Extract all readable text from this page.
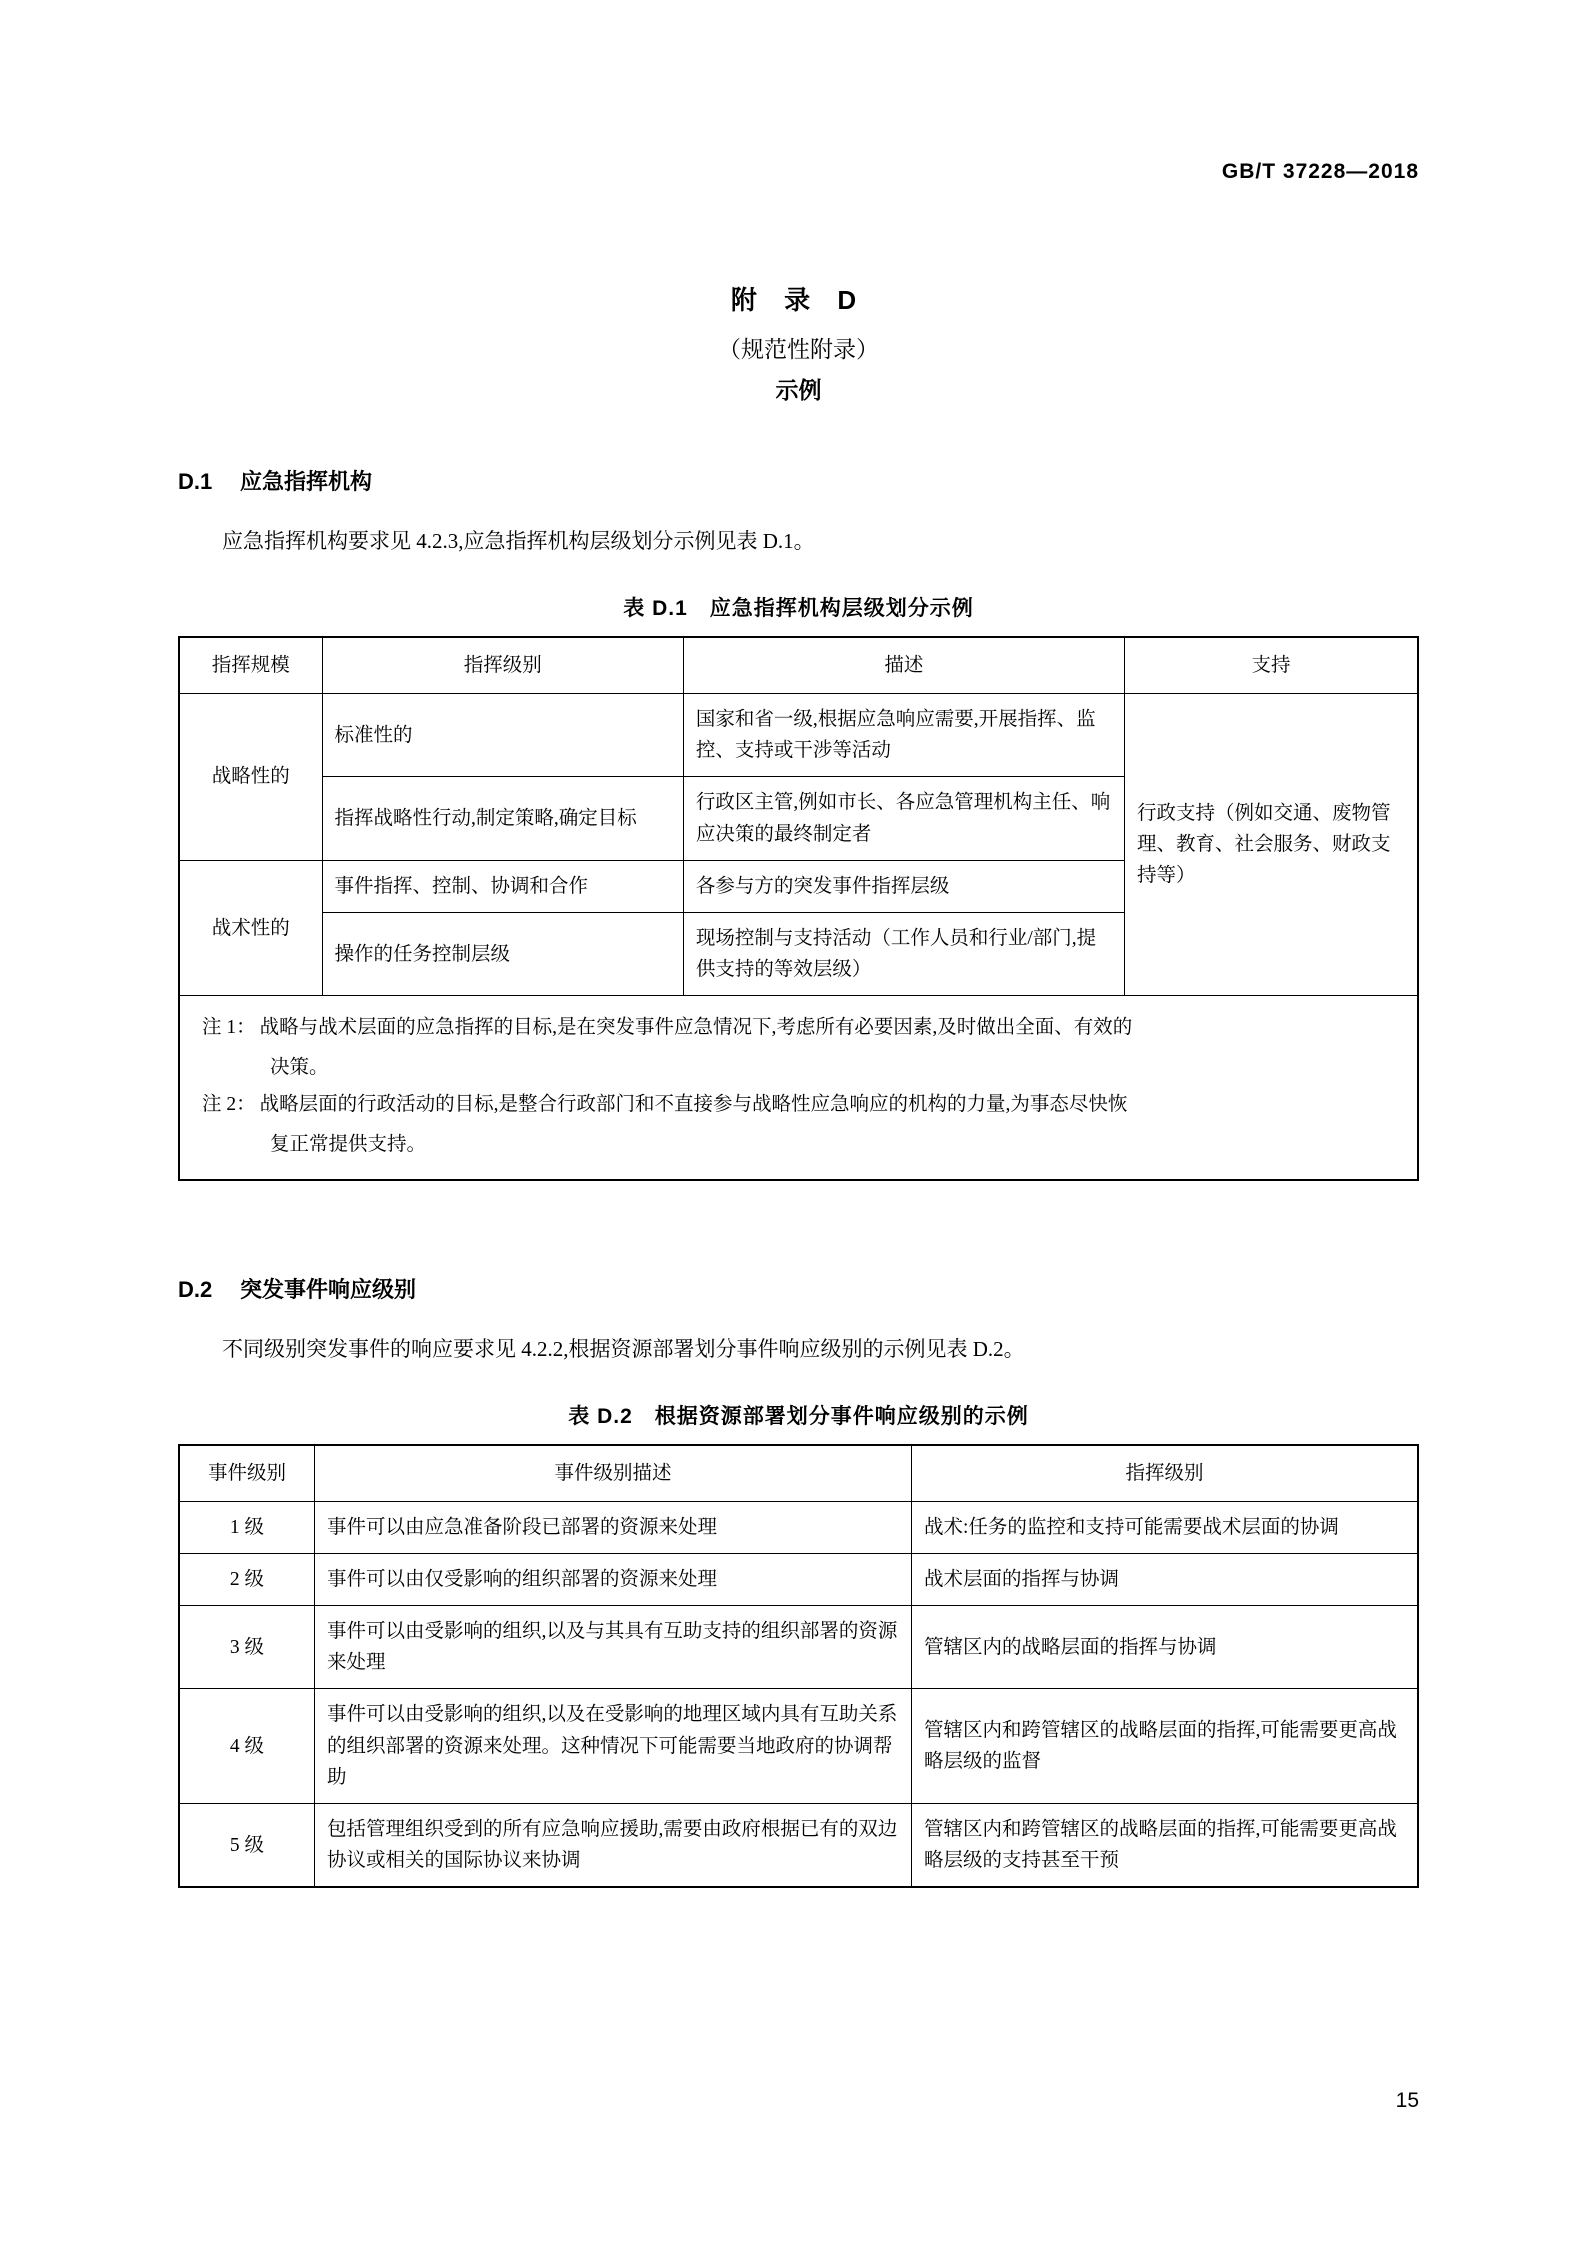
GB/T 37228—2018
附 录 D
（规范性附录）
示例
D.1 应急指挥机构
应急指挥机构要求见 4.2.3,应急指挥机构层级划分示例见表 D.1。
表 D.1　应急指挥机构层级划分示例
指挥规模	指挥级别	描述	支持
战略性的	标准性的	国家和省一级,根据应急响应需要,开展指挥、监控、支持或干涉等活动	行政支持（例如交通、废物管理、教育、社会服务、财政支持等）
	指挥战略性行动,制定策略,确定目标	行政区主管,例如市长、各应急管理机构主任、响应决策的最终制定者	
战术性的	事件指挥、控制、协调和合作	各参与方的突发事件指挥层级	
	操作的任务控制层级	现场控制与支持活动（工作人员和行业/部门,提供支持的等效层级）	

注 1： 战略与战术层面的应急指挥的目标,是在突发事件应急情况下,考虑所有必要因素,及时做出全面、有效的
决策。
注 2： 战略层面的行政活动的目标,是整合行政部门和不直接参与战略性应急响应的机构的力量,为事态尽快恢
复正常提供支持。
D.2 突发事件响应级别
不同级别突发事件的响应要求见 4.2.2,根据资源部署划分事件响应级别的示例见表 D.2。
表 D.2　根据资源部署划分事件响应级别的示例
事件级别	事件级别描述	指挥级别
1 级	事件可以由应急准备阶段已部署的资源来处理	战术:任务的监控和支持可能需要战术层面的协调
2 级	事件可以由仅受影响的组织部署的资源来处理	战术层面的指挥与协调
3 级	事件可以由受影响的组织,以及与其具有互助支持的组织部署的资源来处理	管辖区内的战略层面的指挥与协调
4 级	事件可以由受影响的组织,以及在受影响的地理区域内具有互助关系的组织部署的资源来处理。这种情况下可能需要当地政府的协调帮助	管辖区内和跨管辖区的战略层面的指挥,可能需要更高战略层级的监督
5 级	包括管理组织受到的所有应急响应援助,需要由政府根据已有的双边协议或相关的国际协议来协调	管辖区内和跨管辖区的战略层面的指挥,可能需要更高战略层级的支持甚至干预
15
